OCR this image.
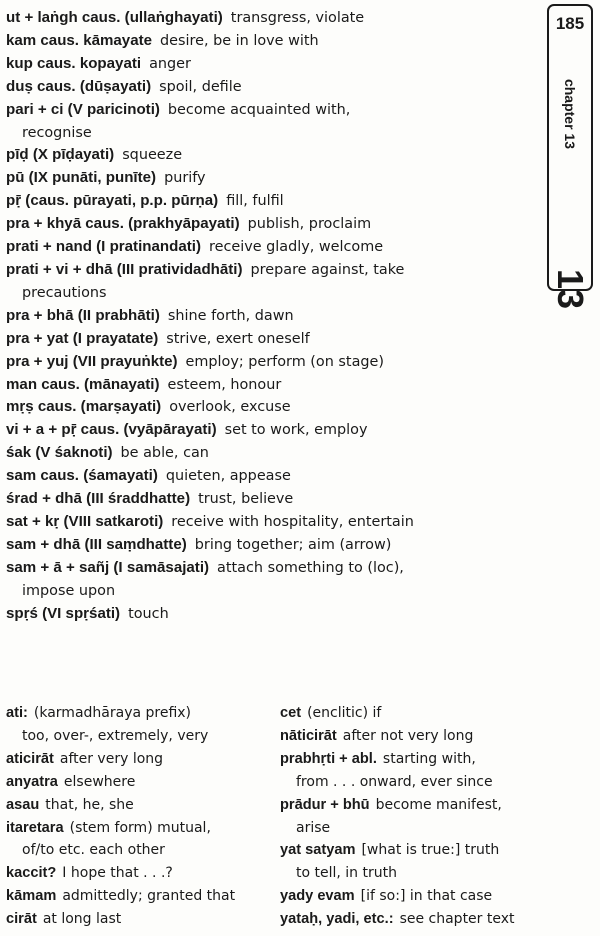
ut + laṅgh caus. (ullaṅghayati) transgress, violate
kam caus. kāmayate desire, be in love with
kup caus. kopayati anger
duṣ caus. (dūṣayati) spoil, defile
pari + ci (V paricinoti) become acquainted with,
recognise
pīḍ (X pīḍayati) squeeze
pū (IX punāti, punīte) purify
pṝ (caus. pūrayati, p.p. pūrṇa) fill, fulfil
pra + khyā caus. (prakhyāpayati) publish, proclaim
prati + nand (I pratinandati) receive gladly, welcome
prati + vi + dhā (III pratividadhāti) prepare against, take
precautions
pra + bhā (II prabhāti) shine forth, dawn
pra + yat (I prayatate) strive, exert oneself
pra + yuj (VII prayuṅkte) employ; perform (on stage)
man caus. (mānayati) esteem, honour
mṛṣ caus. (marṣayati) overlook, excuse
vi + a + pṝ caus. (vyāpārayati) set to work, employ
śak (V śaknoti) be able, can
sam caus. (śamayati) quieten, appease
śrad + dhā (III śraddhatte) trust, believe
sat + kṛ (VIII satkaroti) receive with hospitality, entertain
sam + dhā (III saṃdhatte) bring together; aim (arrow)
sam + ā + sañj (I samāsajati) attach something to (loc),
impose upon
spṛś (VI spṛśati) touch
185
chapter 13
13
ati: (karmadhāraya prefix)
too, over-, extremely, very
aticirāt after very long
anyatra elsewhere
asau that, he, she
itaretara (stem form) mutual,
of/to etc. each other
kaccit? I hope that . . .?
kāmam admittedly; granted that
cirāt at long last
cet (enclitic) if
nāticirāt after not very long
prabhṛti + abl. starting with,
from . . . onward, ever since
prādur + bhū become manifest,
arise
yat satyam [what is true:] truth
to tell, in truth
yady evam [if so:] in that case
yataḥ, yadi, etc.: see chapter text
